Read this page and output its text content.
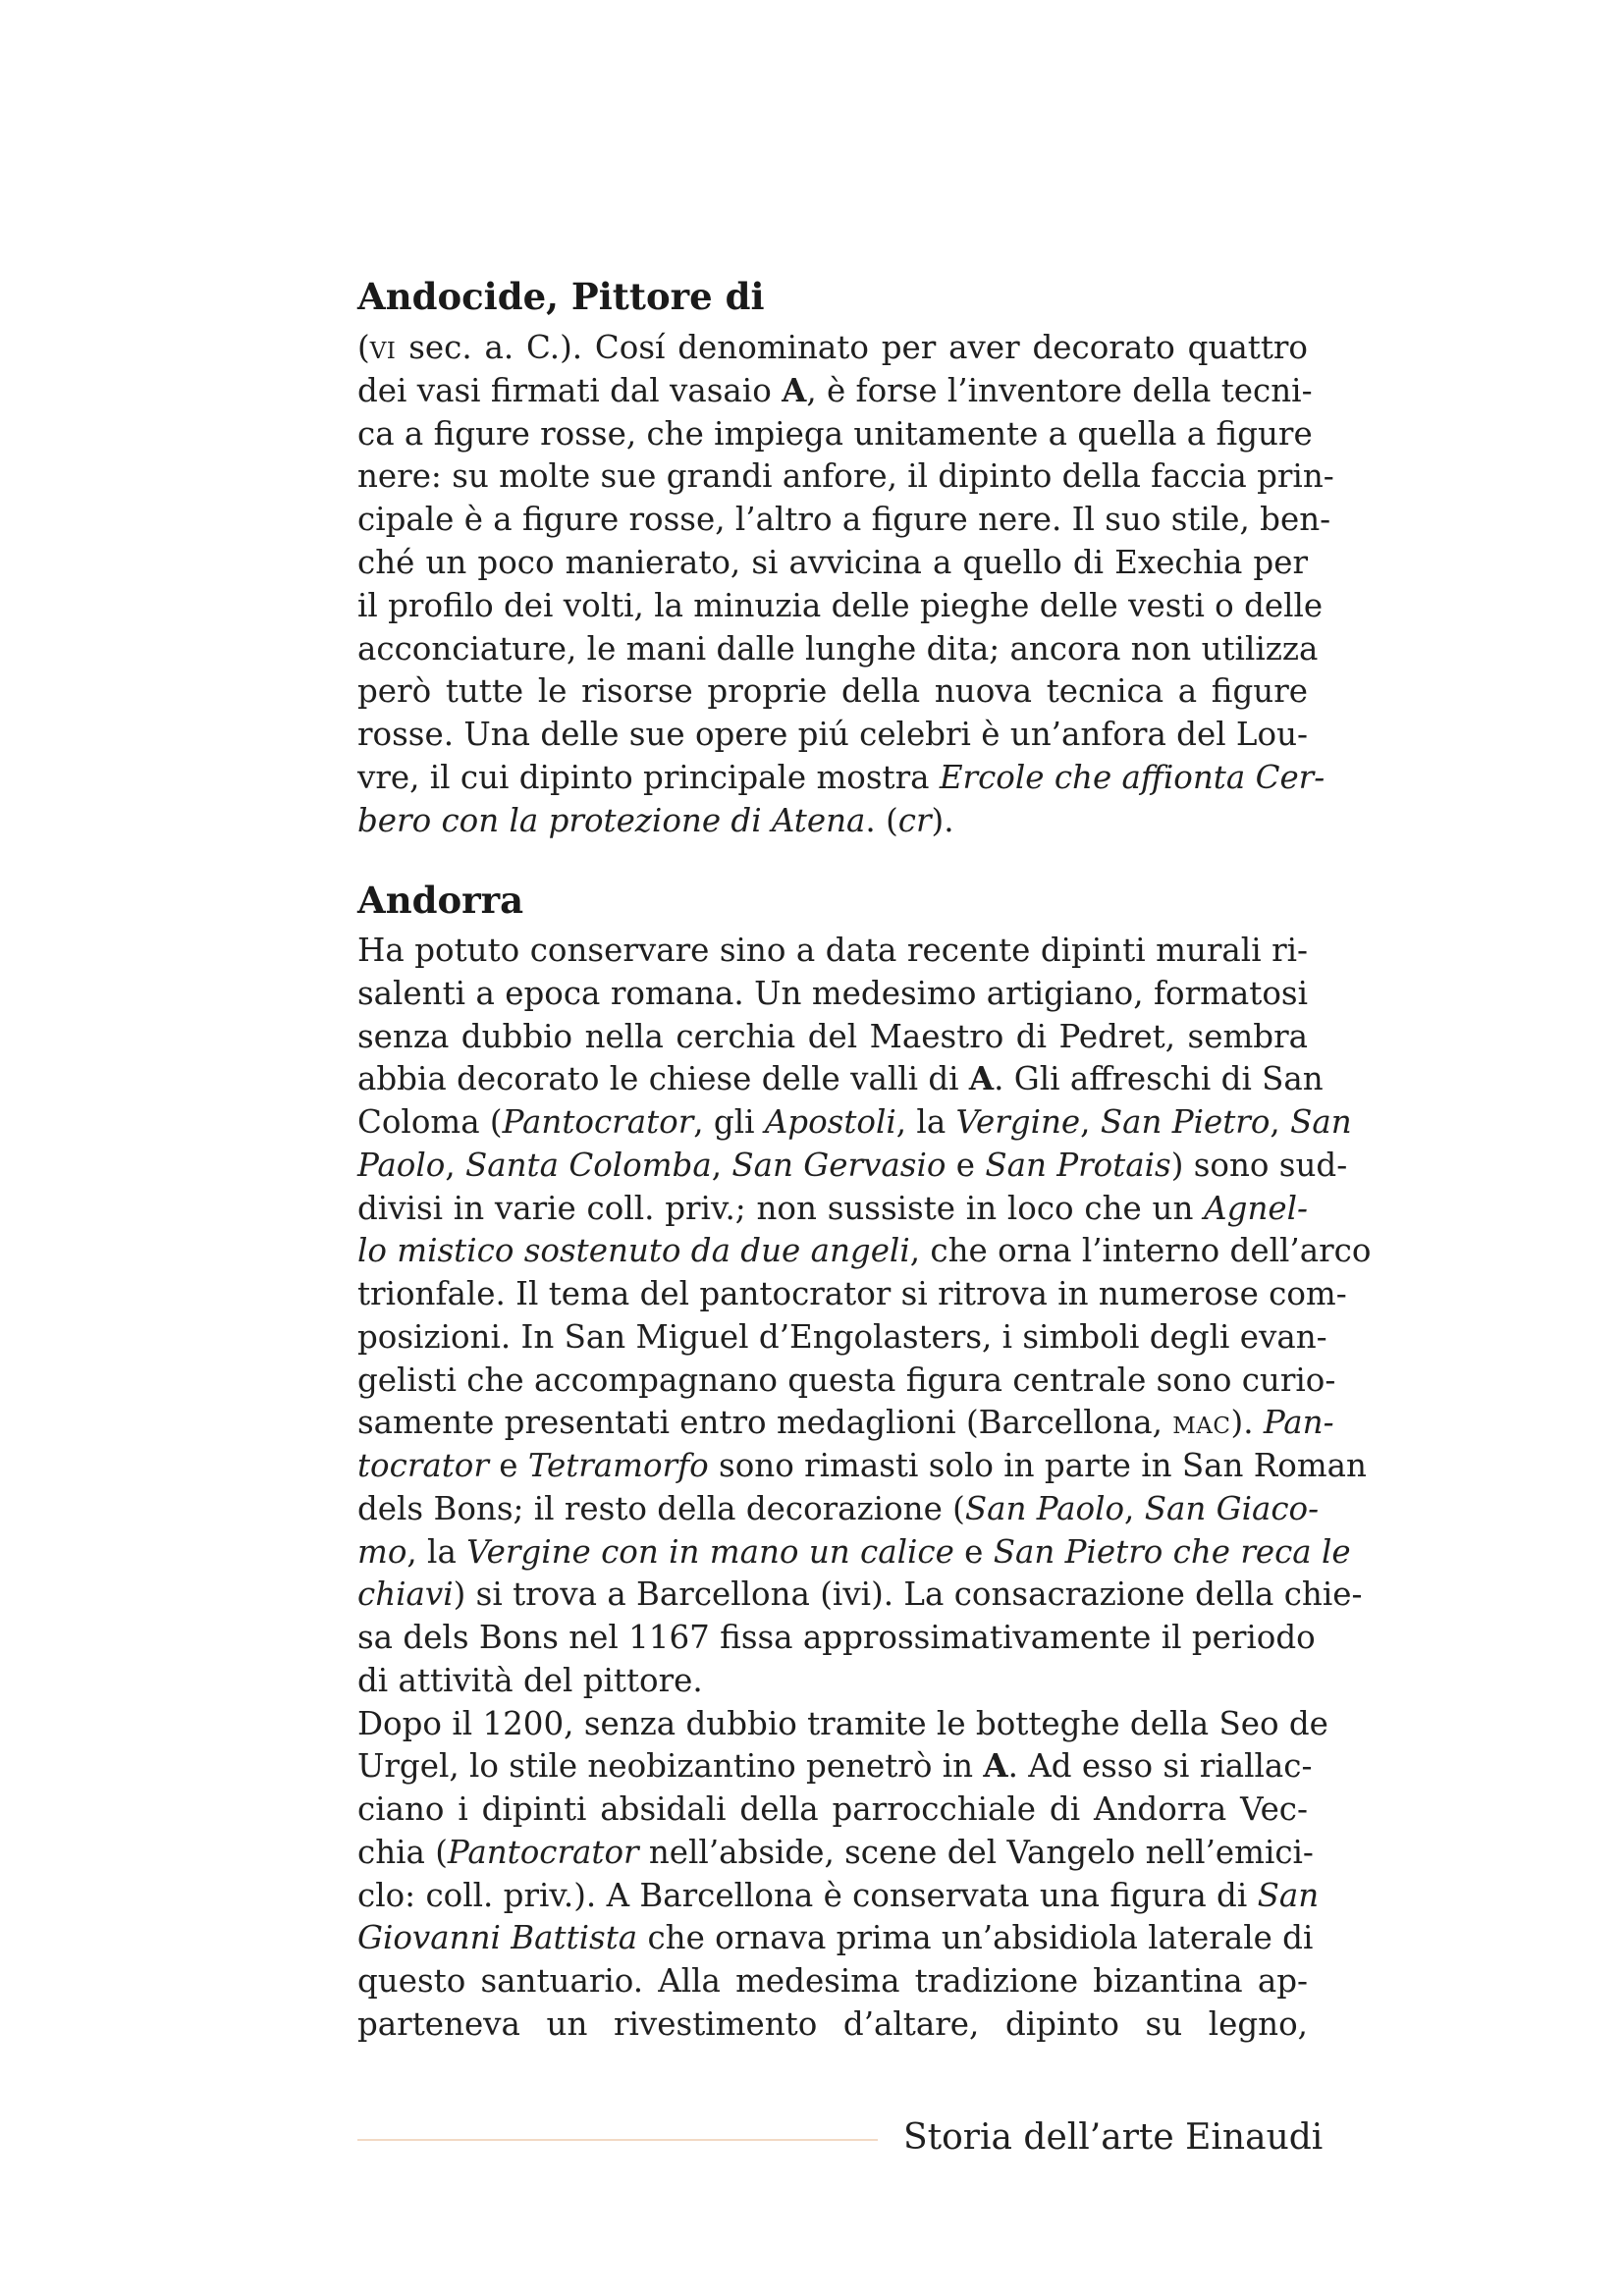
Andocide, Pittore di
(vi sec. a. C.). Cosí denominato per aver decorato quattro
dei vasi firmati dal vasaio A, è forse l’inventore della tecni-
ca a figure rosse, che impiega unitamente a quella a figure
nere: su molte sue grandi anfore, il dipinto della faccia prin-
cipale è a figure rosse, l’altro a figure nere. Il suo stile, ben-
ché un poco manierato, si avvicina a quello di Exechia per
il profilo dei volti, la minuzia delle pieghe delle vesti o delle
acconciature, le mani dalle lunghe dita; ancora non utilizza
però tutte le risorse proprie della nuova tecnica a figure
rosse. Una delle sue opere piú celebri è un’anfora del Lou-
vre, il cui dipinto principale mostra Ercole che affionta Cer-
bero con la protezione di Atena. (cr).
Andorra
Ha potuto conservare sino a data recente dipinti murali ri-
salenti a epoca romana. Un medesimo artigiano, formatosi
senza dubbio nella cerchia del Maestro di Pedret, sembra
abbia decorato le chiese delle valli di A. Gli affreschi di San
Coloma (Pantocrator, gli Apostoli, la Vergine, San Pietro, San
Paolo, Santa Colomba, San Gervasio e San Protais) sono sud-
divisi in varie coll. priv.; non sussiste in loco che un Agnel-
lo mistico sostenuto da due angeli, che orna l’interno dell’arco
trionfale. Il tema del pantocrator si ritrova in numerose com-
posizioni. In San Miguel d’Engolasters, i simboli degli evan-
gelisti che accompagnano questa figura centrale sono curio-
samente presentati entro medaglioni (Barcellona, mac). Pan-
tocrator e Tetramorfo sono rimasti solo in parte in San Roman
dels Bons; il resto della decorazione (San Paolo, San Giaco-
mo, la Vergine con in mano un calice e San Pietro che reca le
chiavi) si trova a Barcellona (ivi). La consacrazione della chie-
sa dels Bons nel 1167 fissa approssimativamente il periodo
di attività del pittore.
Dopo il 1200, senza dubbio tramite le botteghe della Seo de
Urgel, lo stile neobizantino penetrò in A. Ad esso si riallac-
ciano i dipinti absidali della parrocchiale di Andorra Vec-
chia (Pantocrator nell’abside, scene del Vangelo nell’emici-
clo: coll. priv.). A Barcellona è conservata una figura di San
Giovanni Battista che ornava prima un’absidiola laterale di
questo santuario. Alla medesima tradizione bizantina ap-
parteneva un rivestimento d’altare, dipinto su legno,
Storia dell’arte Einaudi
